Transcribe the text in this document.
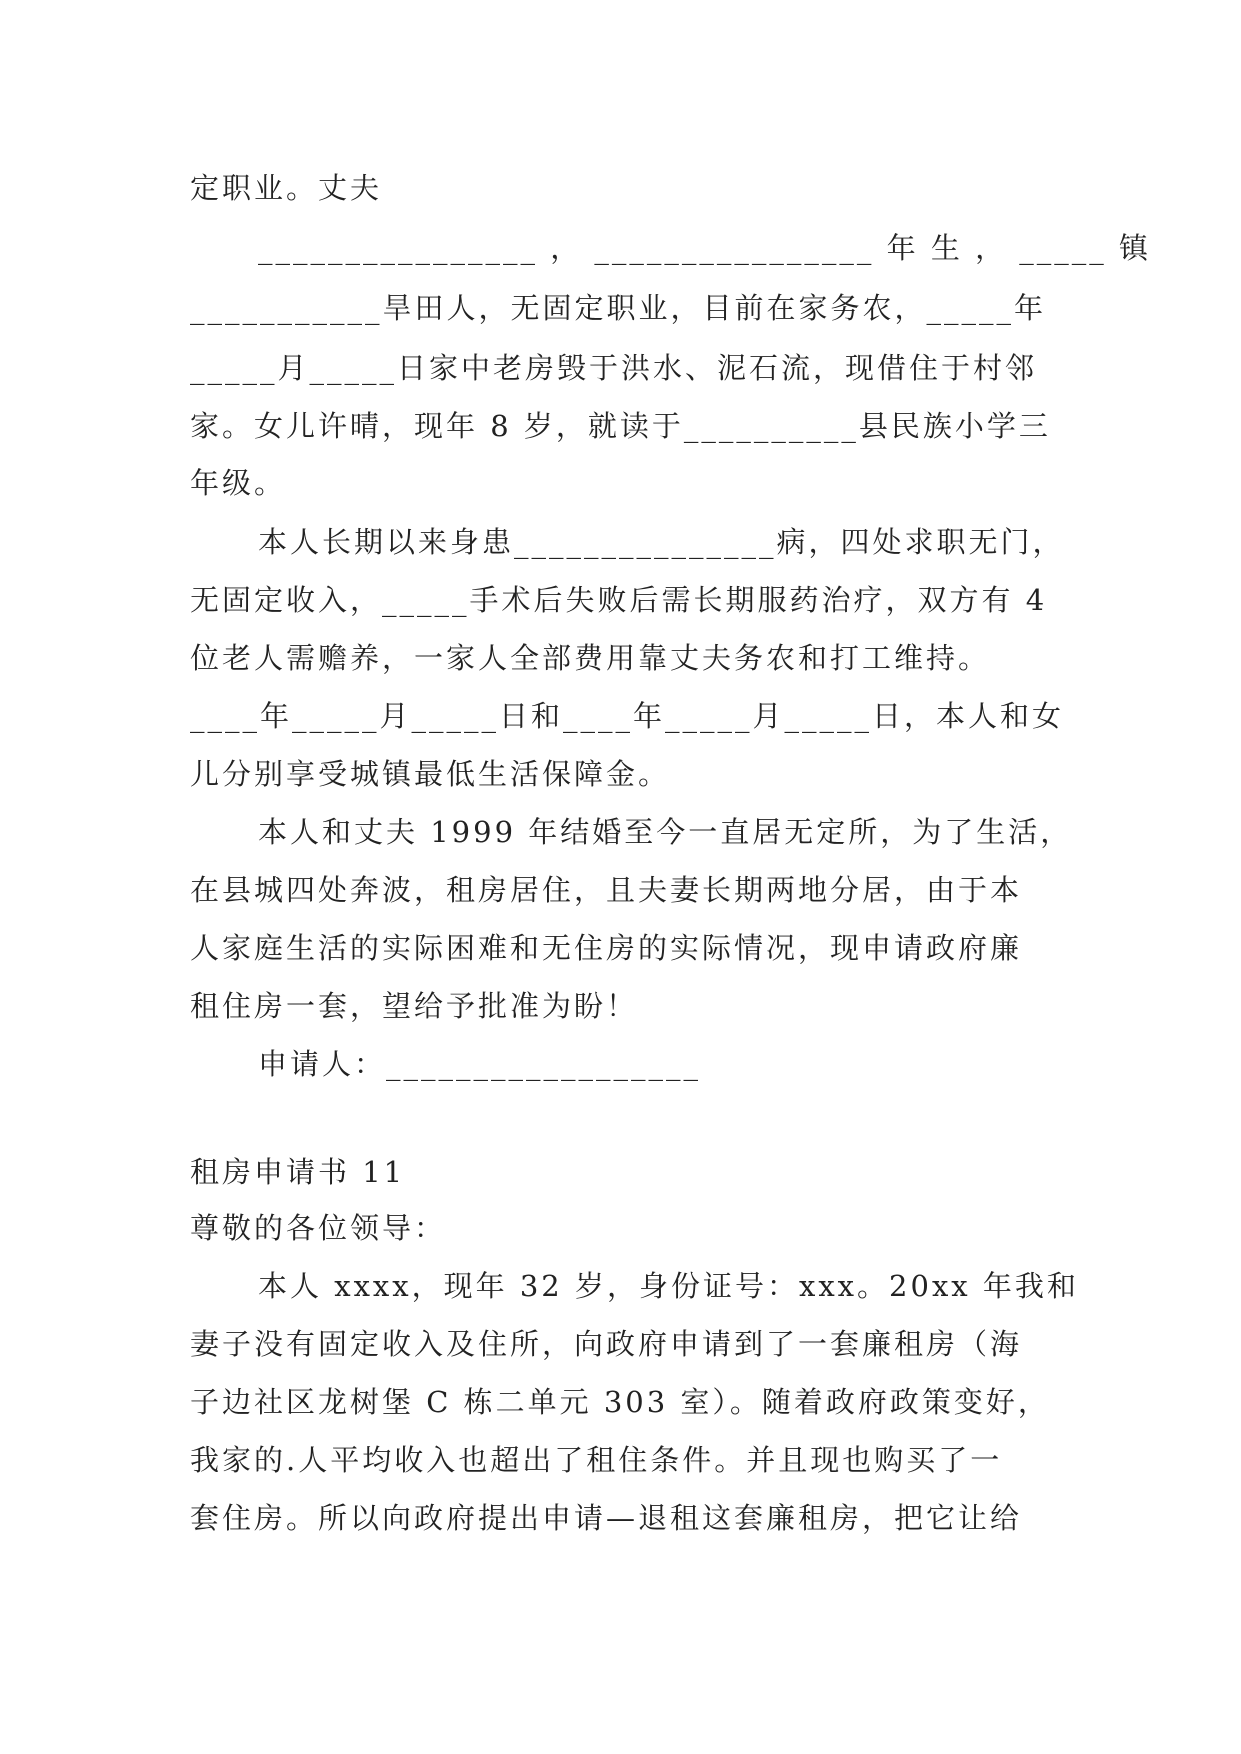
定职业。丈夫
________________ ， ________________ 年 生 ， _____ 镇
___________旱田人，无固定职业，目前在家务农，_____年
_____月_____日家中老房毁于洪水、泥石流，现借住于村邻
家。女儿许晴，现年 8 岁，就读于__________县民族小学三
年级。
本人长期以来身患_______________病，四处求职无门，
无固定收入，_____手术后失败后需长期服药治疗，双方有 4
位老人需赡养，一家人全部费用靠丈夫务农和打工维持。
____年_____月_____日和____年_____月_____日，本人和女
儿分别享受城镇最低生活保障金。
本人和丈夫 1999 年结婚至今一直居无定所，为了生活，
在县城四处奔波，租房居住，且夫妻长期两地分居，由于本
人家庭生活的实际困难和无住房的实际情况，现申请政府廉
租住房一套，望给予批准为盼！
申请人：__________________
租房申请书 11
尊敬的各位领导：
本人 xxxx，现年 32 岁，身份证号：xxx。20xx 年我和
妻子没有固定收入及住所，向政府申请到了一套廉租房（海
子边社区龙树堡 C 栋二单元 303 室）。随着政府政策变好，
我家的.人平均收入也超出了租住条件。并且现也购买了一
套住房。所以向政府提出申请—退租这套廉租房，把它让给
